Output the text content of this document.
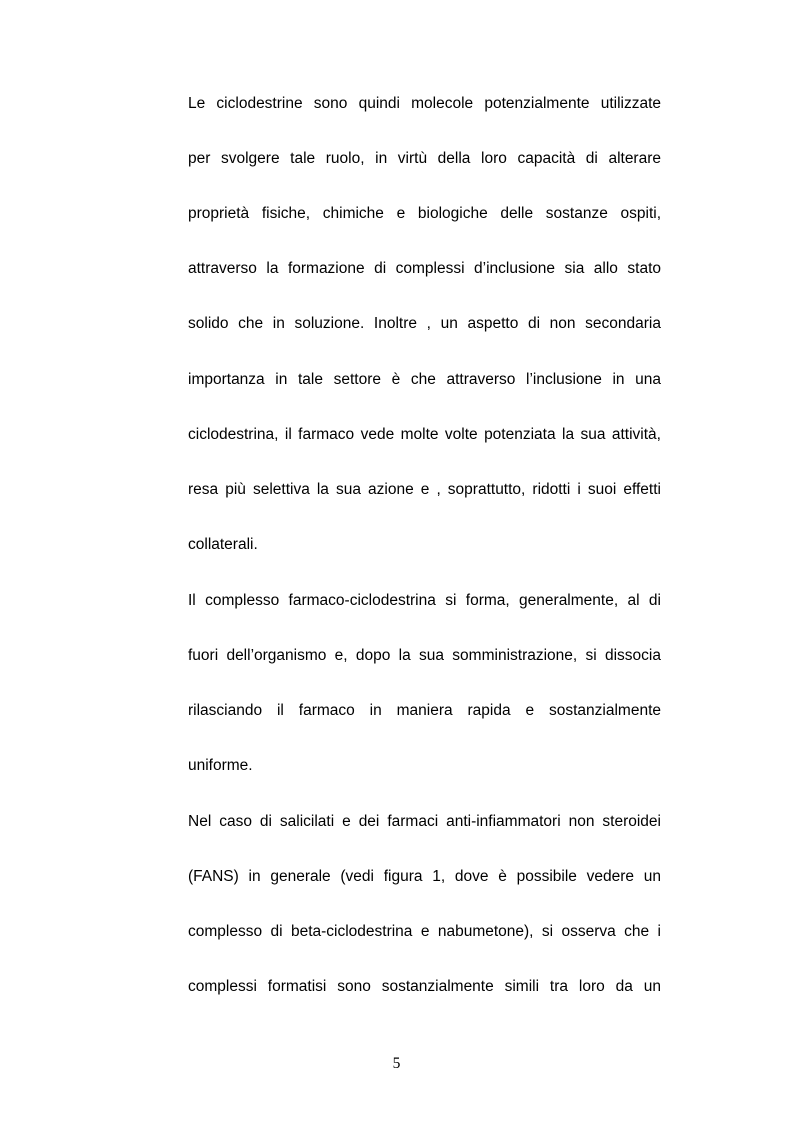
Le ciclodestrine sono quindi molecole potenzialmente utilizzate
per svolgere tale ruolo, in virtù della loro capacità di alterare
proprietà fisiche, chimiche e biologiche delle sostanze ospiti,
attraverso la formazione di complessi d’inclusione sia allo stato
solido che in soluzione. Inoltre , un aspetto di non secondaria
importanza in tale settore è che attraverso l’inclusione in una
ciclodestrina, il farmaco vede molte volte potenziata la sua attività,
resa più selettiva la sua azione e , soprattutto, ridotti i suoi effetti
collaterali.
Il complesso farmaco-ciclodestrina si forma, generalmente, al di
fuori dell’organismo e, dopo la sua somministrazione, si dissocia
rilasciando il farmaco in maniera rapida e sostanzialmente
uniforme.
Nel caso di salicilati e dei farmaci anti-infiammatori non steroidei
(FANS) in generale (vedi figura 1, dove è possibile vedere un
complesso di beta-ciclodestrina e nabumetone), si osserva che i
complessi formatisi sono sostanzialmente simili tra loro da un
5
